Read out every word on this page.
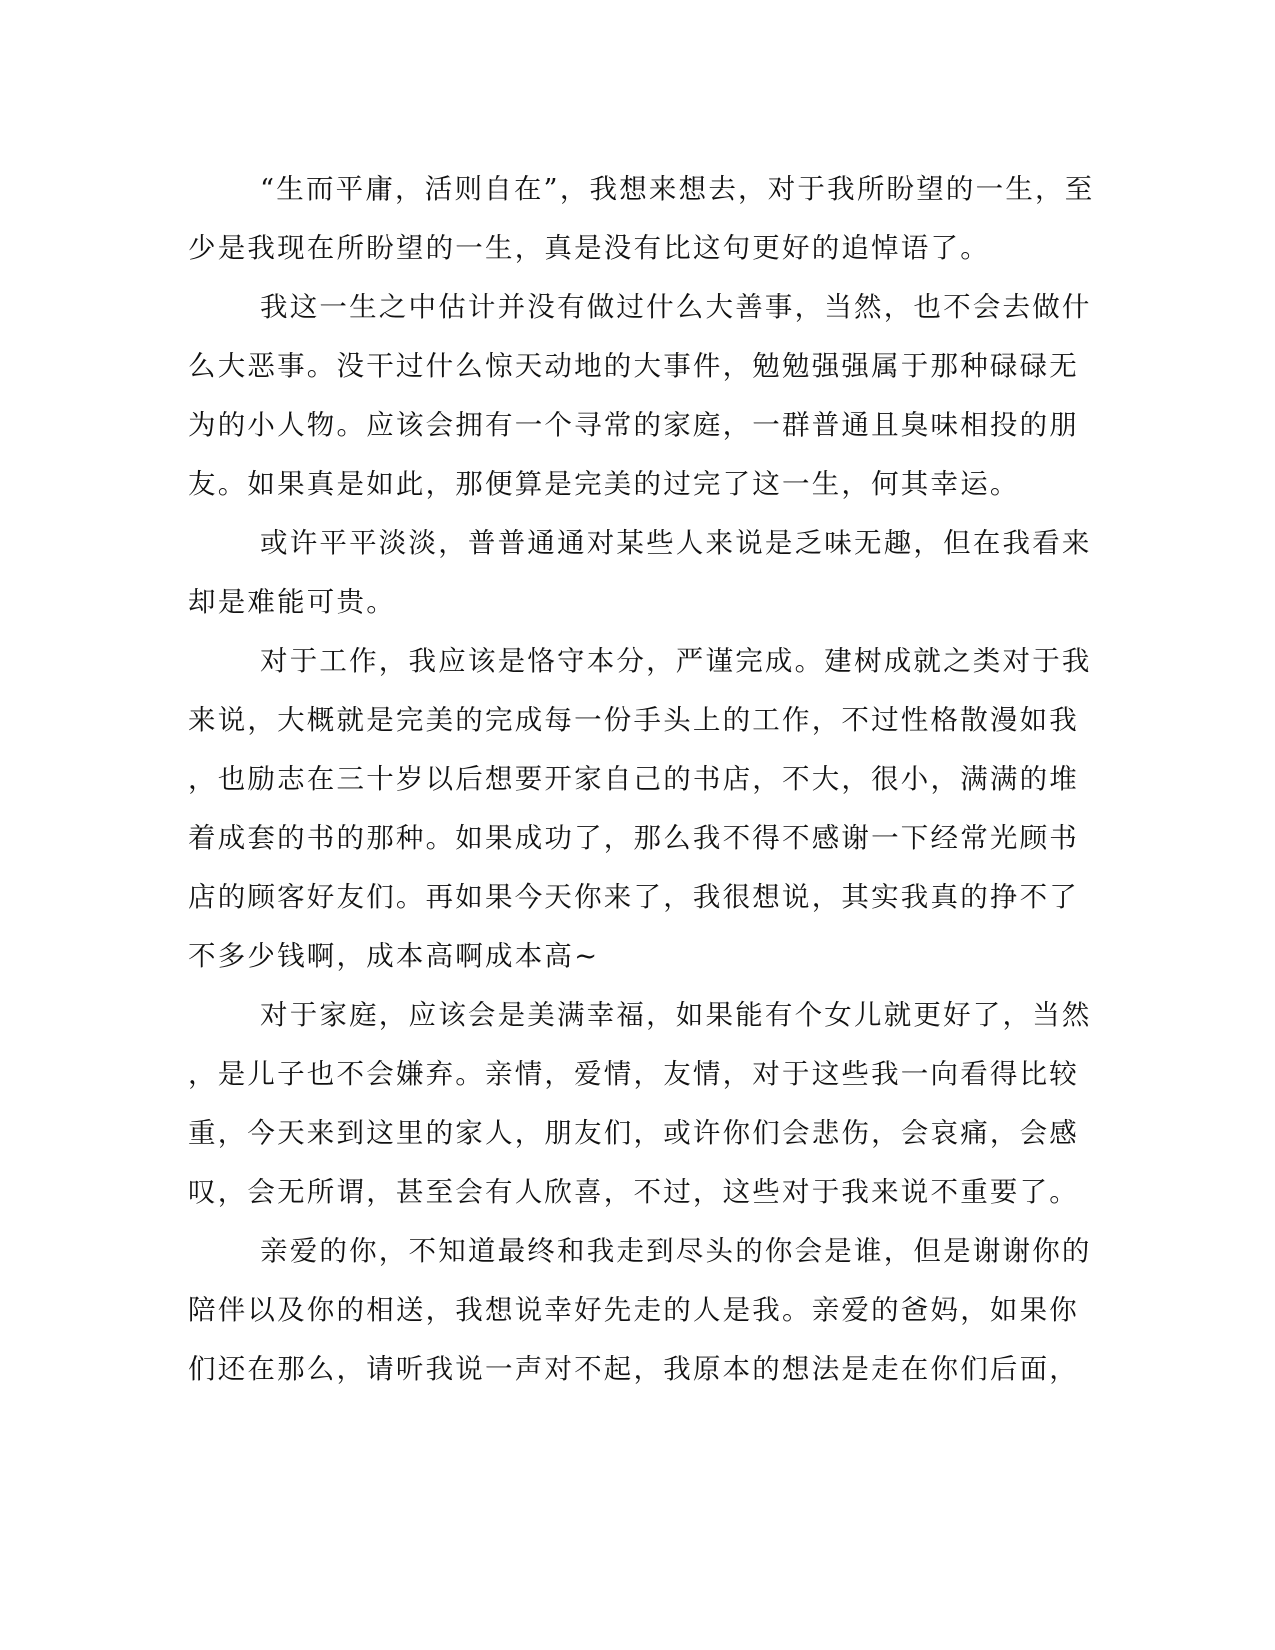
“生而平庸，活则自在”，我想来想去，对于我所盼望的一生，至
少是我现在所盼望的一生，真是没有比这句更好的追悼语了。
我这一生之中估计并没有做过什么大善事，当然，也不会去做什
么大恶事。没干过什么惊天动地的大事件，勉勉强强属于那种碌碌无
为的小人物。应该会拥有一个寻常的家庭，一群普通且臭味相投的朋
友。如果真是如此，那便算是完美的过完了这一生，何其幸运。
或许平平淡淡，普普通通对某些人来说是乏味无趣，但在我看来
却是难能可贵。
对于工作，我应该是恪守本分，严谨完成。建树成就之类对于我
来说，大概就是完美的完成每一份手头上的工作，不过性格散漫如我
，也励志在三十岁以后想要开家自己的书店，不大，很小，满满的堆
着成套的书的那种。如果成功了，那么我不得不感谢一下经常光顾书
店的顾客好友们。再如果今天你来了，我很想说，其实我真的挣不了
不多少钱啊，成本高啊成本高~
对于家庭，应该会是美满幸福，如果能有个女儿就更好了，当然
，是儿子也不会嫌弃。亲情，爱情，友情，对于这些我一向看得比较
重，今天来到这里的家人，朋友们，或许你们会悲伤，会哀痛，会感
叹，会无所谓，甚至会有人欣喜，不过，这些对于我来说不重要了。
亲爱的你，不知道最终和我走到尽头的你会是谁，但是谢谢你的
陪伴以及你的相送，我想说幸好先走的人是我。亲爱的爸妈，如果你
们还在那么，请听我说一声对不起，我原本的想法是走在你们后面，
